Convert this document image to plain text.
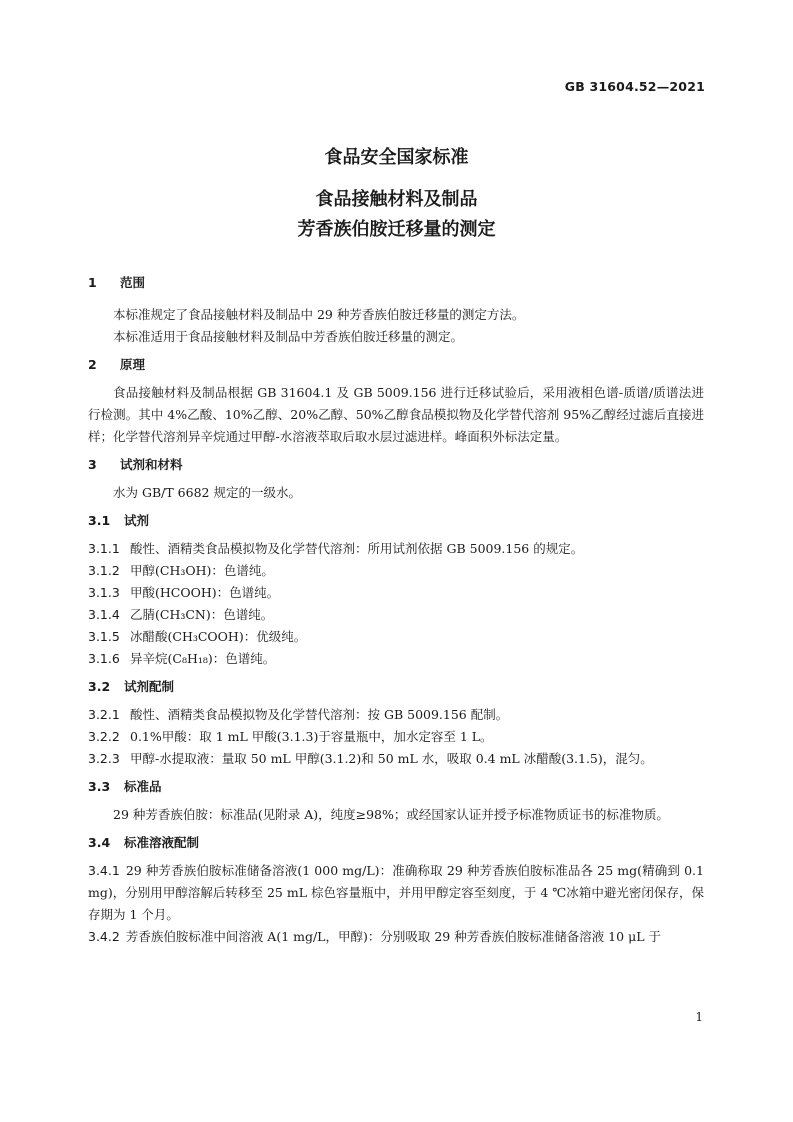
GB 31604.52—2021
食品安全国家标准
食品接触材料及制品
芳香族伯胺迁移量的测定
1 范围
本标准规定了食品接触材料及制品中 29 种芳香族伯胺迁移量的测定方法。
本标准适用于食品接触材料及制品中芳香族伯胺迁移量的测定。
2 原理
食品接触材料及制品根据 GB 31604.1 及 GB 5009.156 进行迁移试验后，采用液相色谱-质谱/质谱法进行检测。其中 4%乙酸、10%乙醇、20%乙醇、50%乙醇食品模拟物及化学替代溶剂 95%乙醇经过滤后直接进样；化学替代溶剂异辛烷通过甲醇-水溶液萃取后取水层过滤进样。峰面积外标法定量。
3 试剂和材料
水为 GB/T 6682 规定的一级水。
3.1 试剂
3.1.1 酸性、酒精类食品模拟物及化学替代溶剂：所用试剂依据 GB 5009.156 的规定。
3.1.2 甲醇(CH₃OH)：色谱纯。
3.1.3 甲酸(HCOOH)：色谱纯。
3.1.4 乙腈(CH₃CN)：色谱纯。
3.1.5 冰醋酸(CH₃COOH)：优级纯。
3.1.6 异辛烷(C₈H₁₈)：色谱纯。
3.2 试剂配制
3.2.1 酸性、酒精类食品模拟物及化学替代溶剂：按 GB 5009.156 配制。
3.2.2 0.1%甲酸：取 1 mL 甲酸(3.1.3)于容量瓶中，加水定容至 1 L。
3.2.3 甲醇-水提取液：量取 50 mL 甲醇(3.1.2)和 50 mL 水，吸取 0.4 mL 冰醋酸(3.1.5)，混匀。
3.3 标准品
29 种芳香族伯胺：标准品(见附录 A)，纯度≥98%；或经国家认证并授予标准物质证书的标准物质。
3.4 标准溶液配制
3.4.1 29 种芳香族伯胺标准储备溶液(1 000 mg/L)：准确称取 29 种芳香族伯胺标准品各 25 mg(精确到 0.1 mg)，分别用甲醇溶解后转移至 25 mL 棕色容量瓶中，并用甲醇定容至刻度，于 4 ℃冰箱中避光密闭保存，保存期为 1 个月。
3.4.2 芳香族伯胺标准中间溶液 A(1 mg/L，甲醇)：分别吸取 29 种芳香族伯胺标准储备溶液 10 μL 于
1
